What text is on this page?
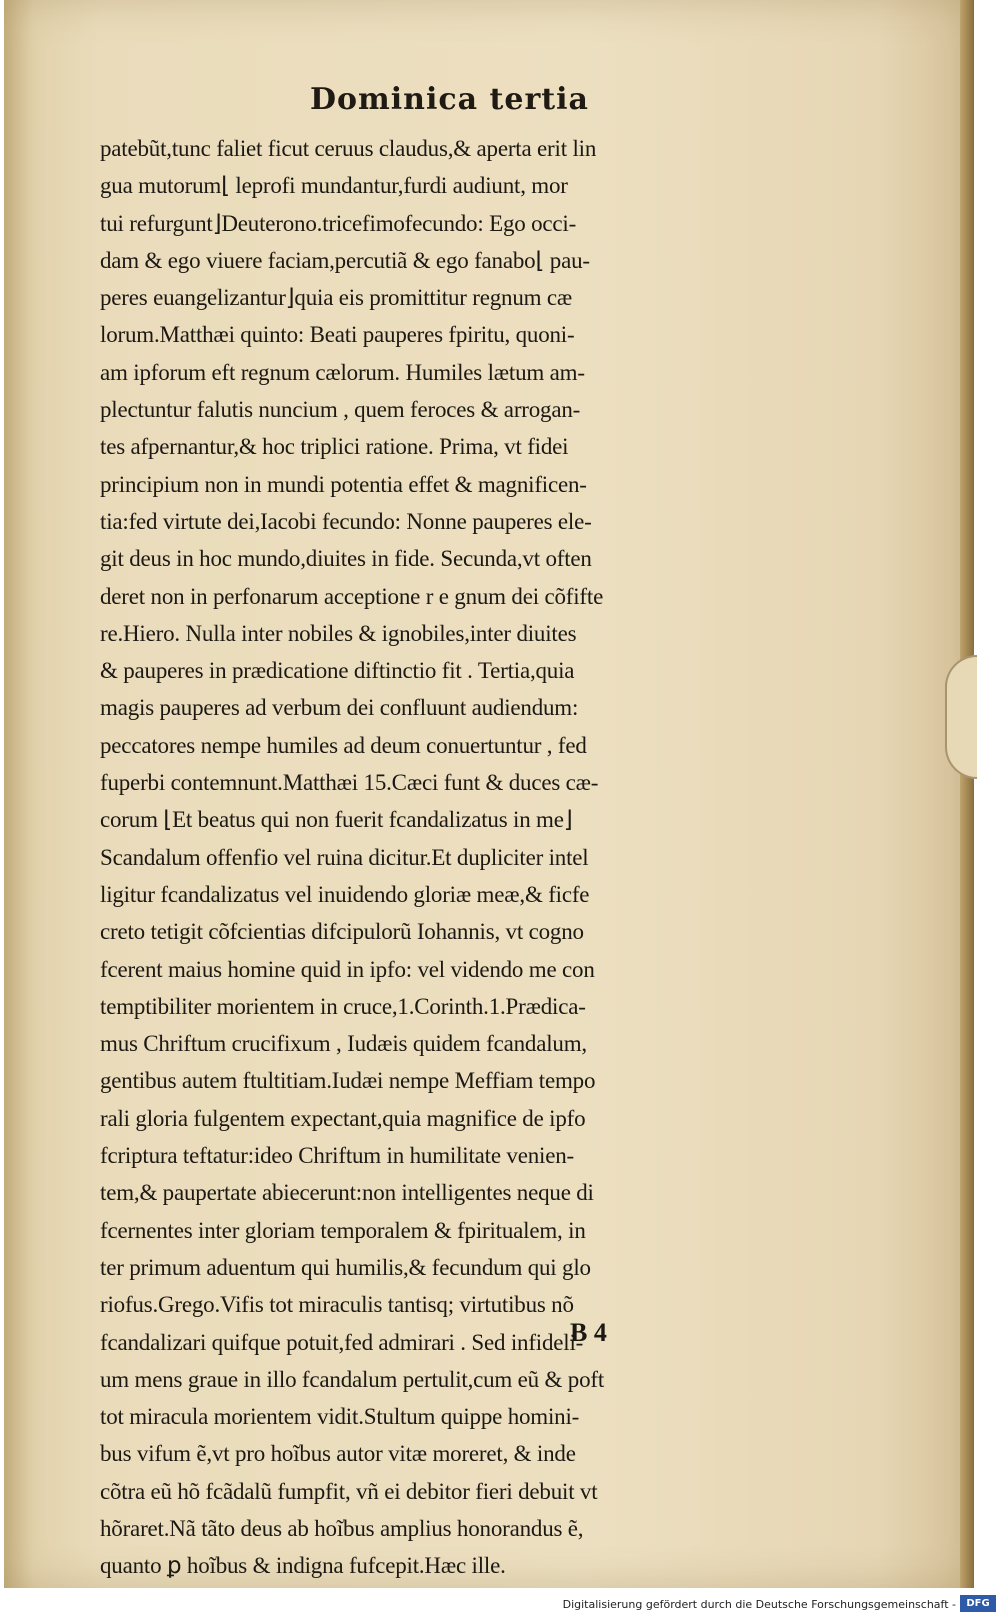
Dominica tertia
patebũt,tunc faliet ficut ceruus claudus,& aperta erit lin
gua mutorum⌊ leprofi mundantur,furdi audiunt, mor
tui refurgunt⌋Deuterono.tricefimofecundo: Ego occi-
dam & ego viuere faciam,percutiã & ego fanabo⌊ pau-
peres euangelizantur⌋quia eis promittitur regnum cæ
lorum.Matthæi quinto: Beati pauperes fpiritu, quoni-
am ipforum eft regnum cælorum. Humiles lætum am-
plectuntur falutis nuncium , quem feroces & arrogan-
tes afpernantur,& hoc triplici ratione. Prima, vt fidei
principium non in mundi potentia effet & magnificen-
tia:fed virtute dei,Iacobi fecundo: Nonne pauperes ele-
git deus in hoc mundo,diuites in fide. Secunda,vt often
deret non in perfonarum acceptione r e gnum dei cõfifte
re.Hiero. Nulla inter nobiles & ignobiles,inter diuites
& pauperes in prædicatione diftinctio fit . Tertia,quia
magis pauperes ad verbum dei confluunt audiendum:
peccatores nempe humiles ad deum conuertuntur , fed
fuperbi contemnunt.Matthæi 15.Cæci funt & duces cæ-
corum ⌊Et beatus qui non fuerit fcandalizatus in me⌋
Scandalum offenfio vel ruina dicitur.Et dupliciter intel
ligitur fcandalizatus vel inuidendo gloriæ meæ,& ficfe
creto tetigit cõfcientias difcipulorũ Iohannis, vt cogno
fcerent maius homine quid in ipfo: vel videndo me con
temptibiliter morientem in cruce,1.Corinth.1.Prædica-
mus Chriftum crucifixum , Iudæis quidem fcandalum,
gentibus autem ftultitiam.Iudæi nempe Meffiam tempo
rali gloria fulgentem expectant,quia magnifice de ipfo
fcriptura teftatur:ideo Chriftum in humilitate venien-
tem,& paupertate abiecerunt:non intelligentes neque di
fcernentes inter gloriam temporalem & fpiritualem, in
ter primum aduentum qui humilis,& fecundum qui glo
riofus.Grego.Vifis tot miraculis tantisq; virtutibus nõ
fcandalizari quifque potuit,fed admirari . Sed infideli-
um mens graue in illo fcandalum pertulit,cum eũ & poft
tot miracula morientem vidit.Stultum quippe homini-
bus vifum ẽ,vt pro hoĩbus autor vitæ moreret, & inde
cõtra eũ hõ fcãdalũ fumpfit, vñ ei debitor fieri debuit vt
hõraret.Nã tãto deus ab hoĩbus amplius honorandus ẽ,
quanto ꝑ hoĩbus & indigna fufcepit.Hæc ille.
B 4
Digitalisierung gefördert durch die Deutsche Forschungsgemeinschaft -	DFG
